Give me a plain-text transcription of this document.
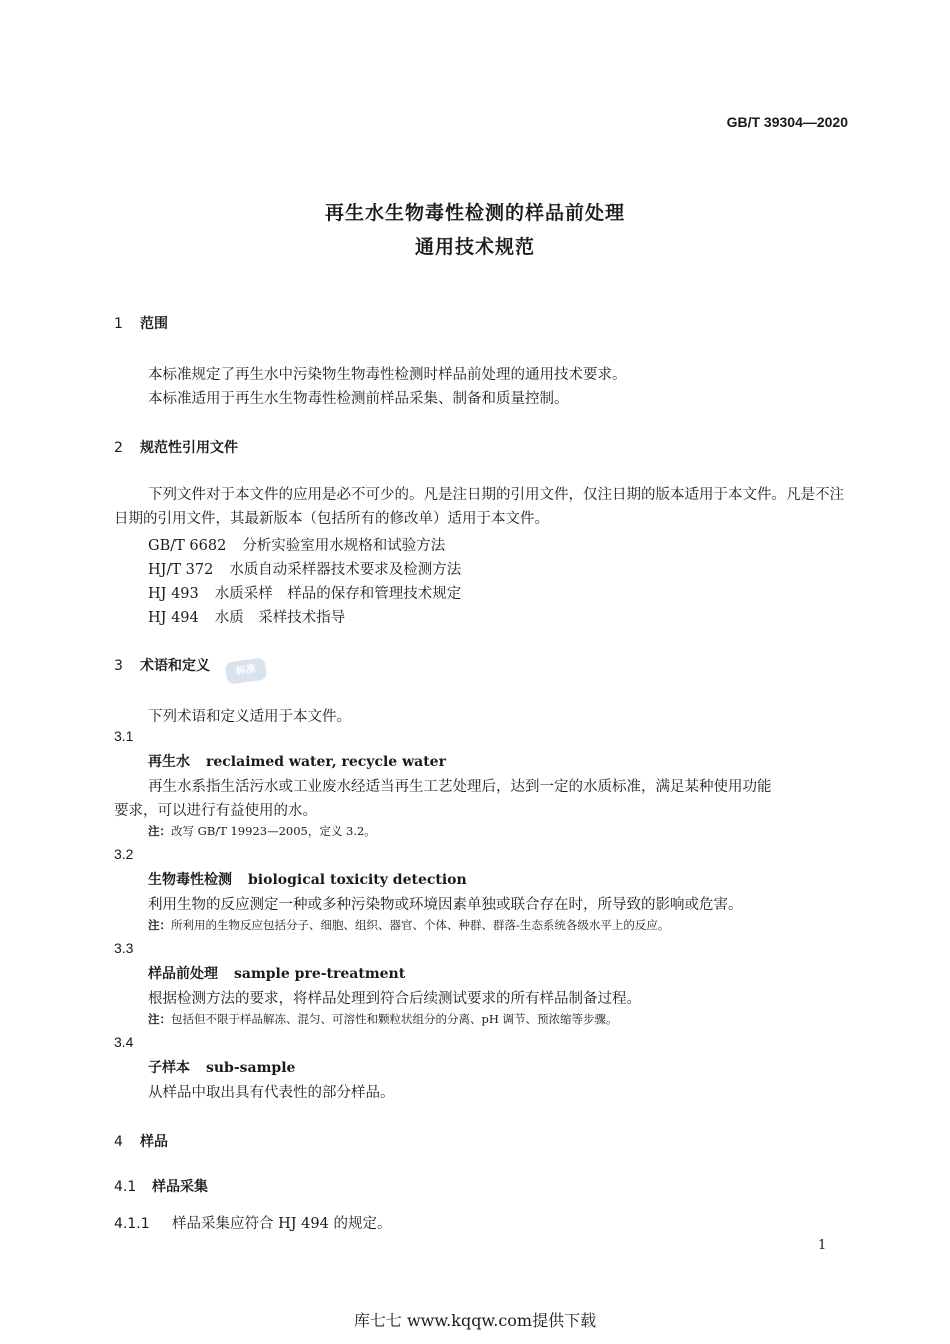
GB/T 39304—2020
再生水生物毒性检测的样品前处理
通用技术规范
1 范围
本标准规定了再生水中污染物生物毒性检测时样品前处理的通用技术要求。
本标准适用于再生水生物毒性检测前样品采集、制备和质量控制。
2 规范性引用文件
下列文件对于本文件的应用是必不可少的。凡是注日期的引用文件，仅注日期的版本适用于本文件。凡是不注日期的引用文件，其最新版本（包括所有的修改单）适用于本文件。
GB/T 6682 分析实验室用水规格和试验方法
HJ/T 372 水质自动采样器技术要求及检测方法
HJ 493 水质采样　样品的保存和管理技术规定
HJ 494 水质　采样技术指导
3 术语和定义	标准
下列术语和定义适用于本文件。
3.1
再生水 reclaimed water, recycle water
再生水系指生活污水或工业废水经适当再生工艺处理后，达到一定的水质标准，满足某种使用功能
要求，可以进行有益使用的水。
注：改写 GB/T 19923—2005，定义 3.2。
3.2
生物毒性检测 biological toxicity detection
利用生物的反应测定一种或多种污染物或环境因素单独或联合存在时，所导致的影响或危害。
注：所利用的生物反应包括分子、细胞、组织、器官、个体、种群、群落-生态系统各级水平上的反应。
3.3
样品前处理 sample pre-treatment
根据检测方法的要求，将样品处理到符合后续测试要求的所有样品制备过程。
注：包括但不限于样品解冻、混匀、可溶性和颗粒状组分的分离、pH 调节、预浓缩等步骤。
3.4
子样本 sub-sample
从样品中取出具有代表性的部分样品。
4 样品
4.1 样品采集
4.1.1 样品采集应符合 HJ 494 的规定。
1
库七七 www.kqqw.com提供下载
